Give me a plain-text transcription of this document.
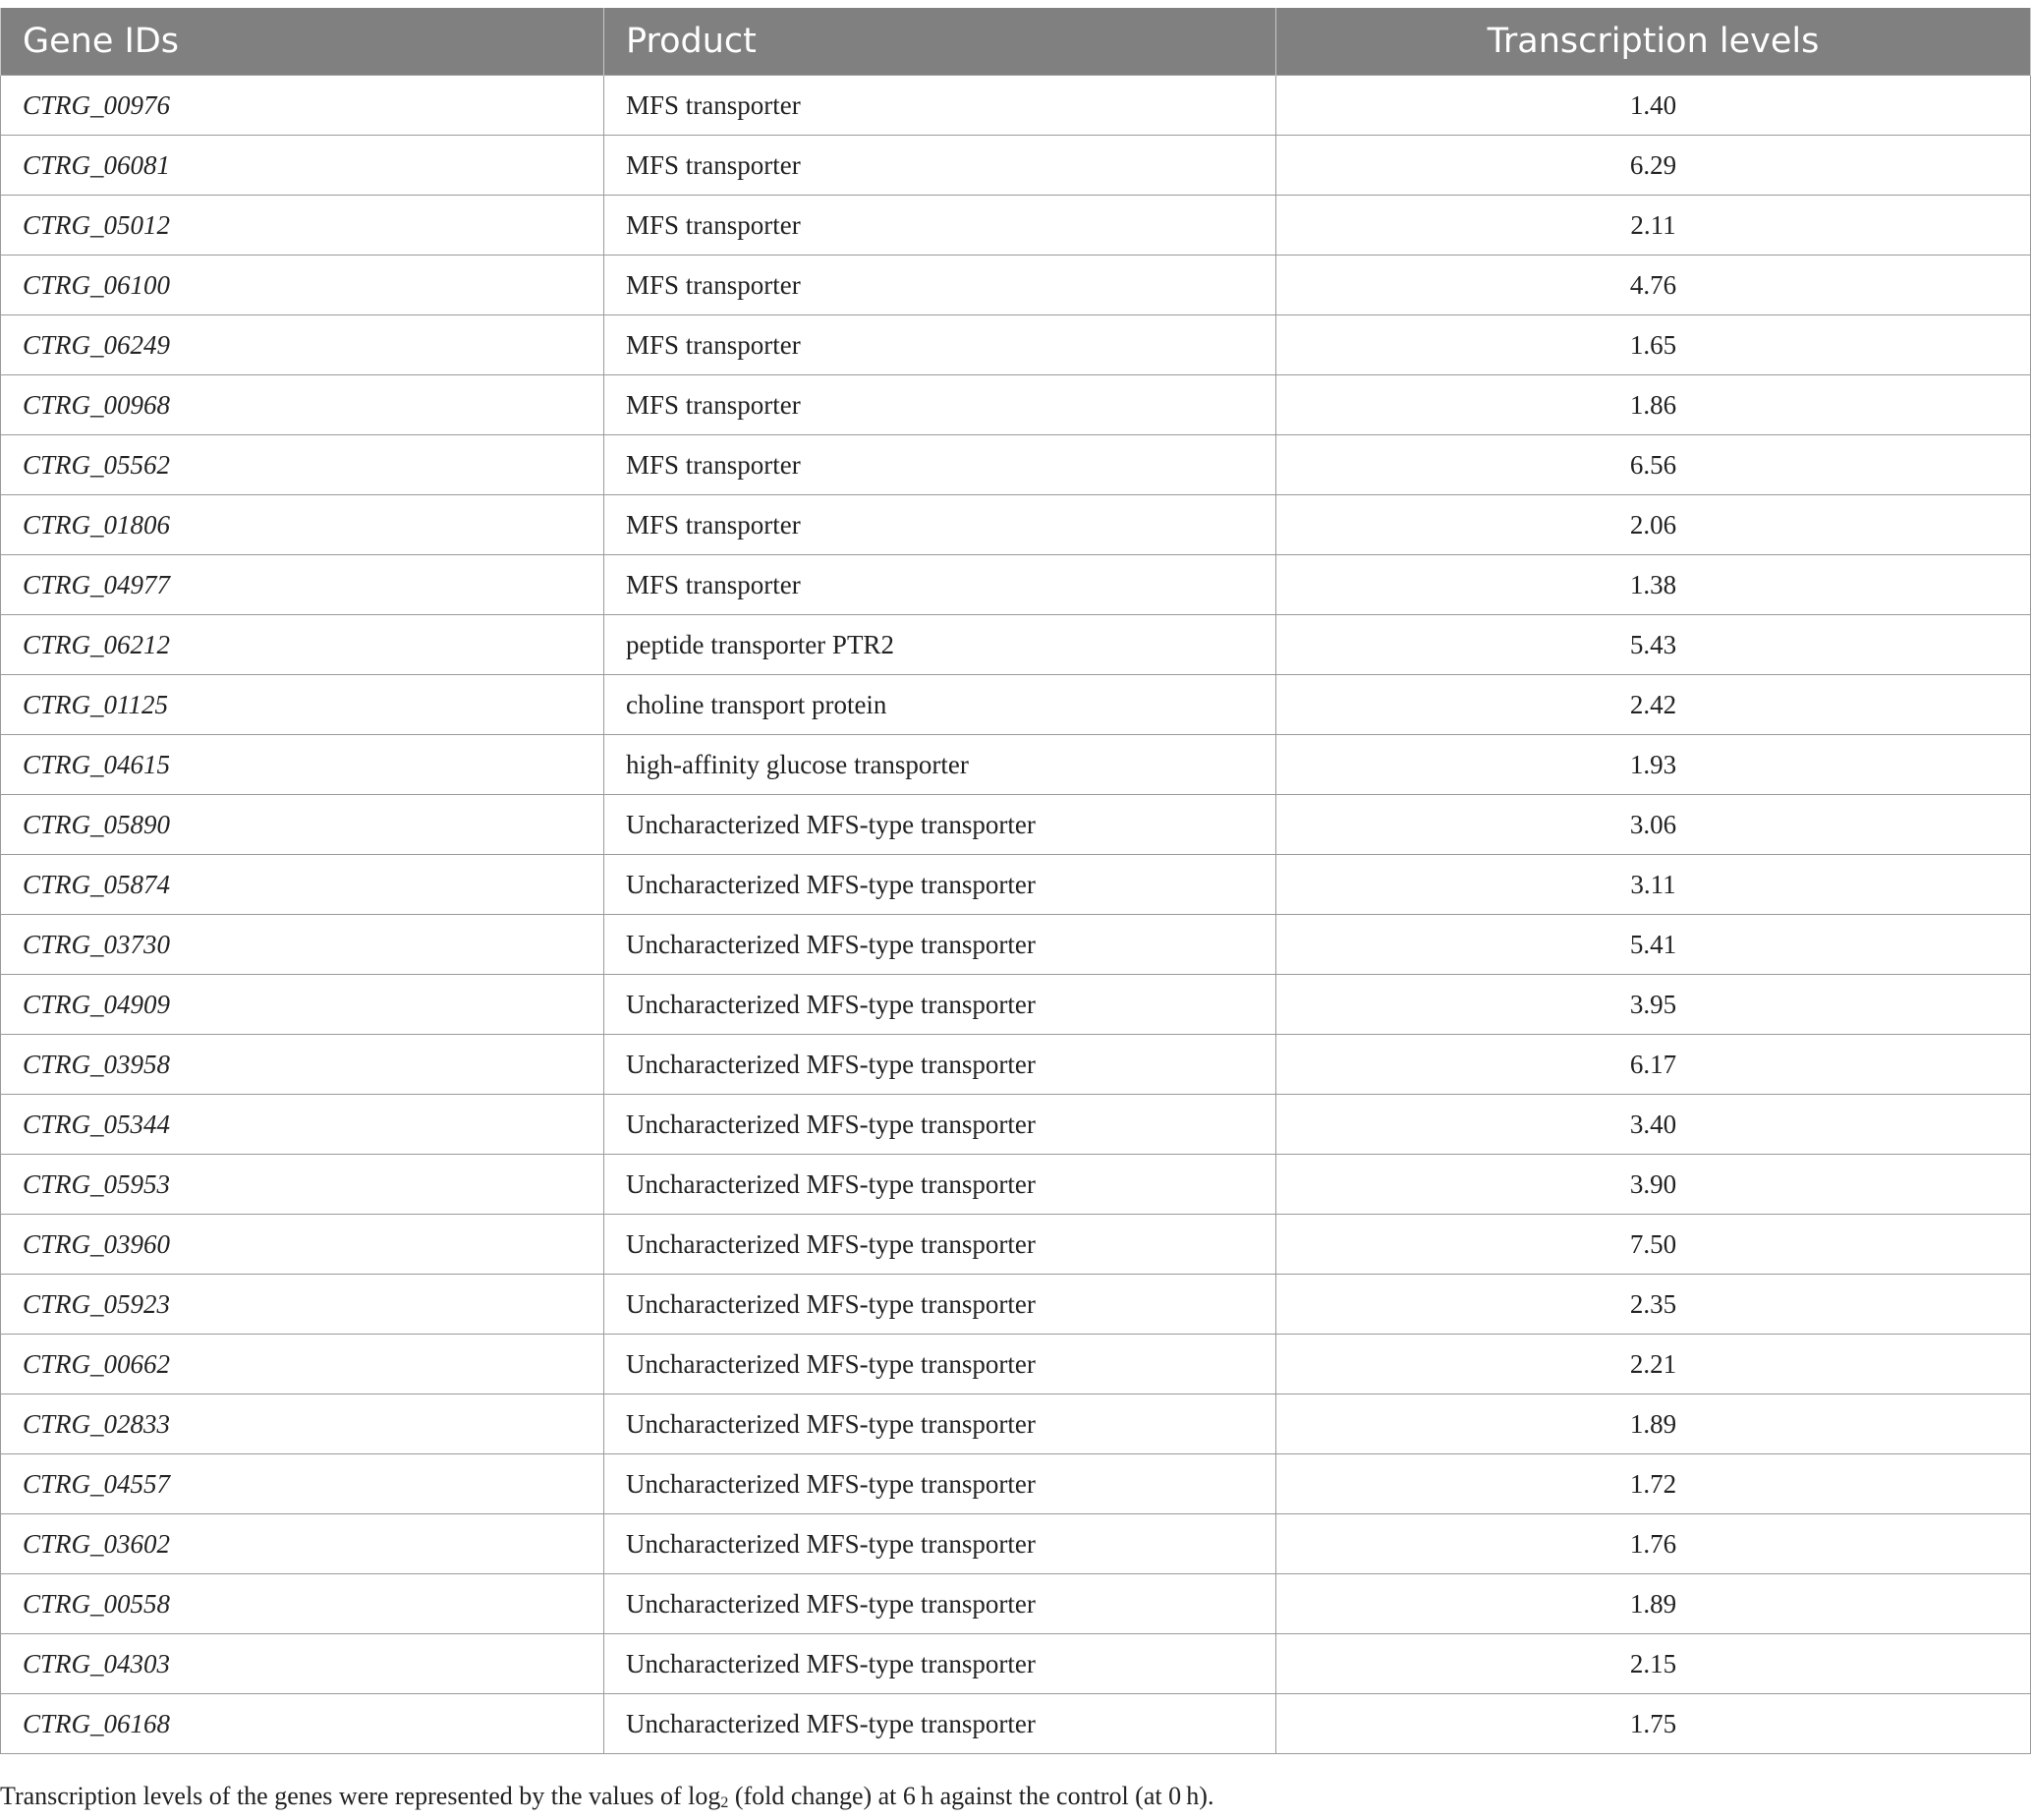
Gene IDs	Product	Transcription levels
CTRG_00976	MFS transporter	1.40
CTRG_06081	MFS transporter	6.29
CTRG_05012	MFS transporter	2.11
CTRG_06100	MFS transporter	4.76
CTRG_06249	MFS transporter	1.65
CTRG_00968	MFS transporter	1.86
CTRG_05562	MFS transporter	6.56
CTRG_01806	MFS transporter	2.06
CTRG_04977	MFS transporter	1.38
CTRG_06212	peptide transporter PTR2	5.43
CTRG_01125	choline transport protein	2.42
CTRG_04615	high-affinity glucose transporter	1.93
CTRG_05890	Uncharacterized MFS-type transporter	3.06
CTRG_05874	Uncharacterized MFS-type transporter	3.11
CTRG_03730	Uncharacterized MFS-type transporter	5.41
CTRG_04909	Uncharacterized MFS-type transporter	3.95
CTRG_03958	Uncharacterized MFS-type transporter	6.17
CTRG_05344	Uncharacterized MFS-type transporter	3.40
CTRG_05953	Uncharacterized MFS-type transporter	3.90
CTRG_03960	Uncharacterized MFS-type transporter	7.50
CTRG_05923	Uncharacterized MFS-type transporter	2.35
CTRG_00662	Uncharacterized MFS-type transporter	2.21
CTRG_02833	Uncharacterized MFS-type transporter	1.89
CTRG_04557	Uncharacterized MFS-type transporter	1.72
CTRG_03602	Uncharacterized MFS-type transporter	1.76
CTRG_00558	Uncharacterized MFS-type transporter	1.89
CTRG_04303	Uncharacterized MFS-type transporter	2.15
CTRG_06168	Uncharacterized MFS-type transporter	1.75
Transcription levels of the genes were represented by the values of $\log_2$ (fold change) at 6 h against the control (at 0 h).
